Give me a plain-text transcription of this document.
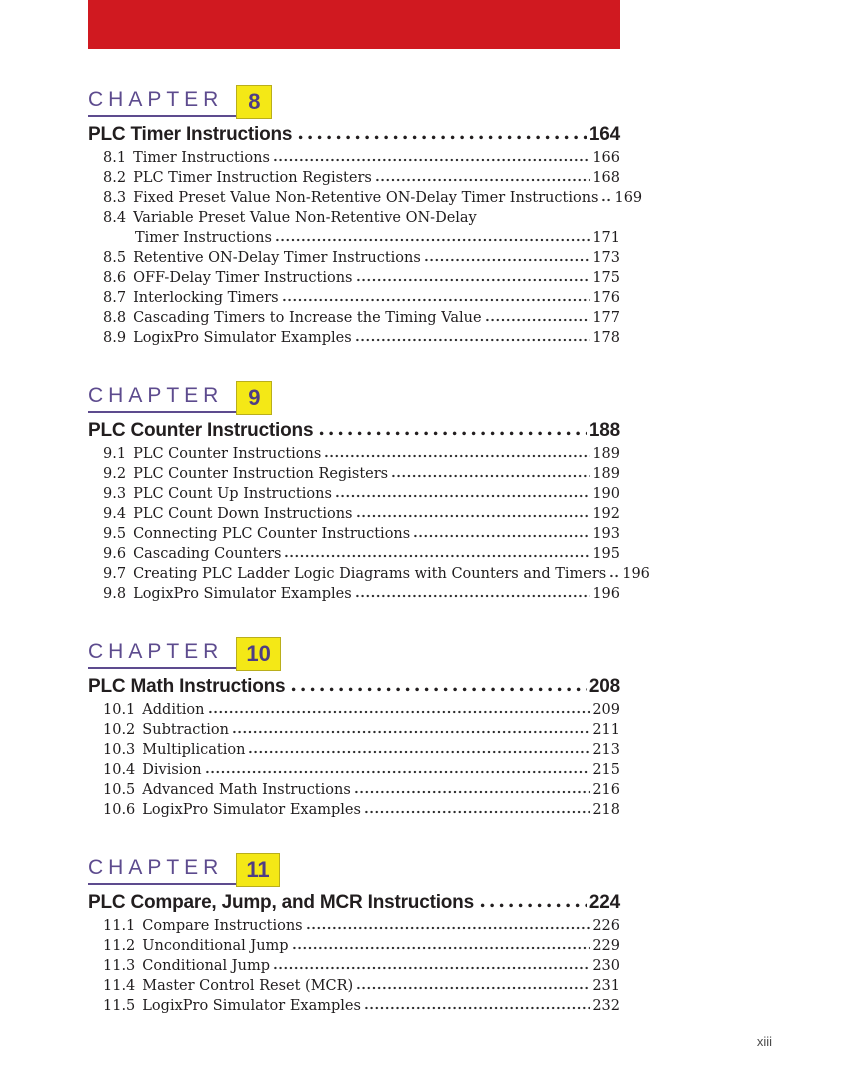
CHAPTER	8
PLC Timer Instructions	164
8.1 Timer Instructions	166
8.2 PLC Timer Instruction Registers	168
8.3 Fixed Preset Value Non-Retentive ON-Delay Timer Instructions 169
8.4 Variable Preset Value Non-Retentive ON-Delay
Timer Instructions	171
8.5 Retentive ON-Delay Timer Instructions	173
8.6 OFF-Delay Timer Instructions	175
8.7 Interlocking Timers	176
8.8 Cascading Timers to Increase the Timing Value	177
8.9 LogixPro Simulator Examples	178
CHAPTER	9
PLC Counter Instructions	188
9.1 PLC Counter Instructions	189
9.2 PLC Counter Instruction Registers	189
9.3 PLC Count Up Instructions	190
9.4 PLC Count Down Instructions	192
9.5 Connecting PLC Counter Instructions	193
9.6 Cascading Counters	195
9.7 Creating PLC Ladder Logic Diagrams with Counters and Timers 196
9.8 LogixPro Simulator Examples	196
CHAPTER	10
PLC Math Instructions	208
10.1 Addition	209
10.2 Subtraction	211
10.3 Multiplication	213
10.4 Division	215
10.5 Advanced Math Instructions	216
10.6 LogixPro Simulator Examples	218
CHAPTER	11
PLC Compare, Jump, and MCR Instructions	224
11.1 Compare Instructions	226
11.2 Unconditional Jump	229
11.3 Conditional Jump	230
11.4 Master Control Reset (MCR)	231
11.5 LogixPro Simulator Examples	232
xiii
